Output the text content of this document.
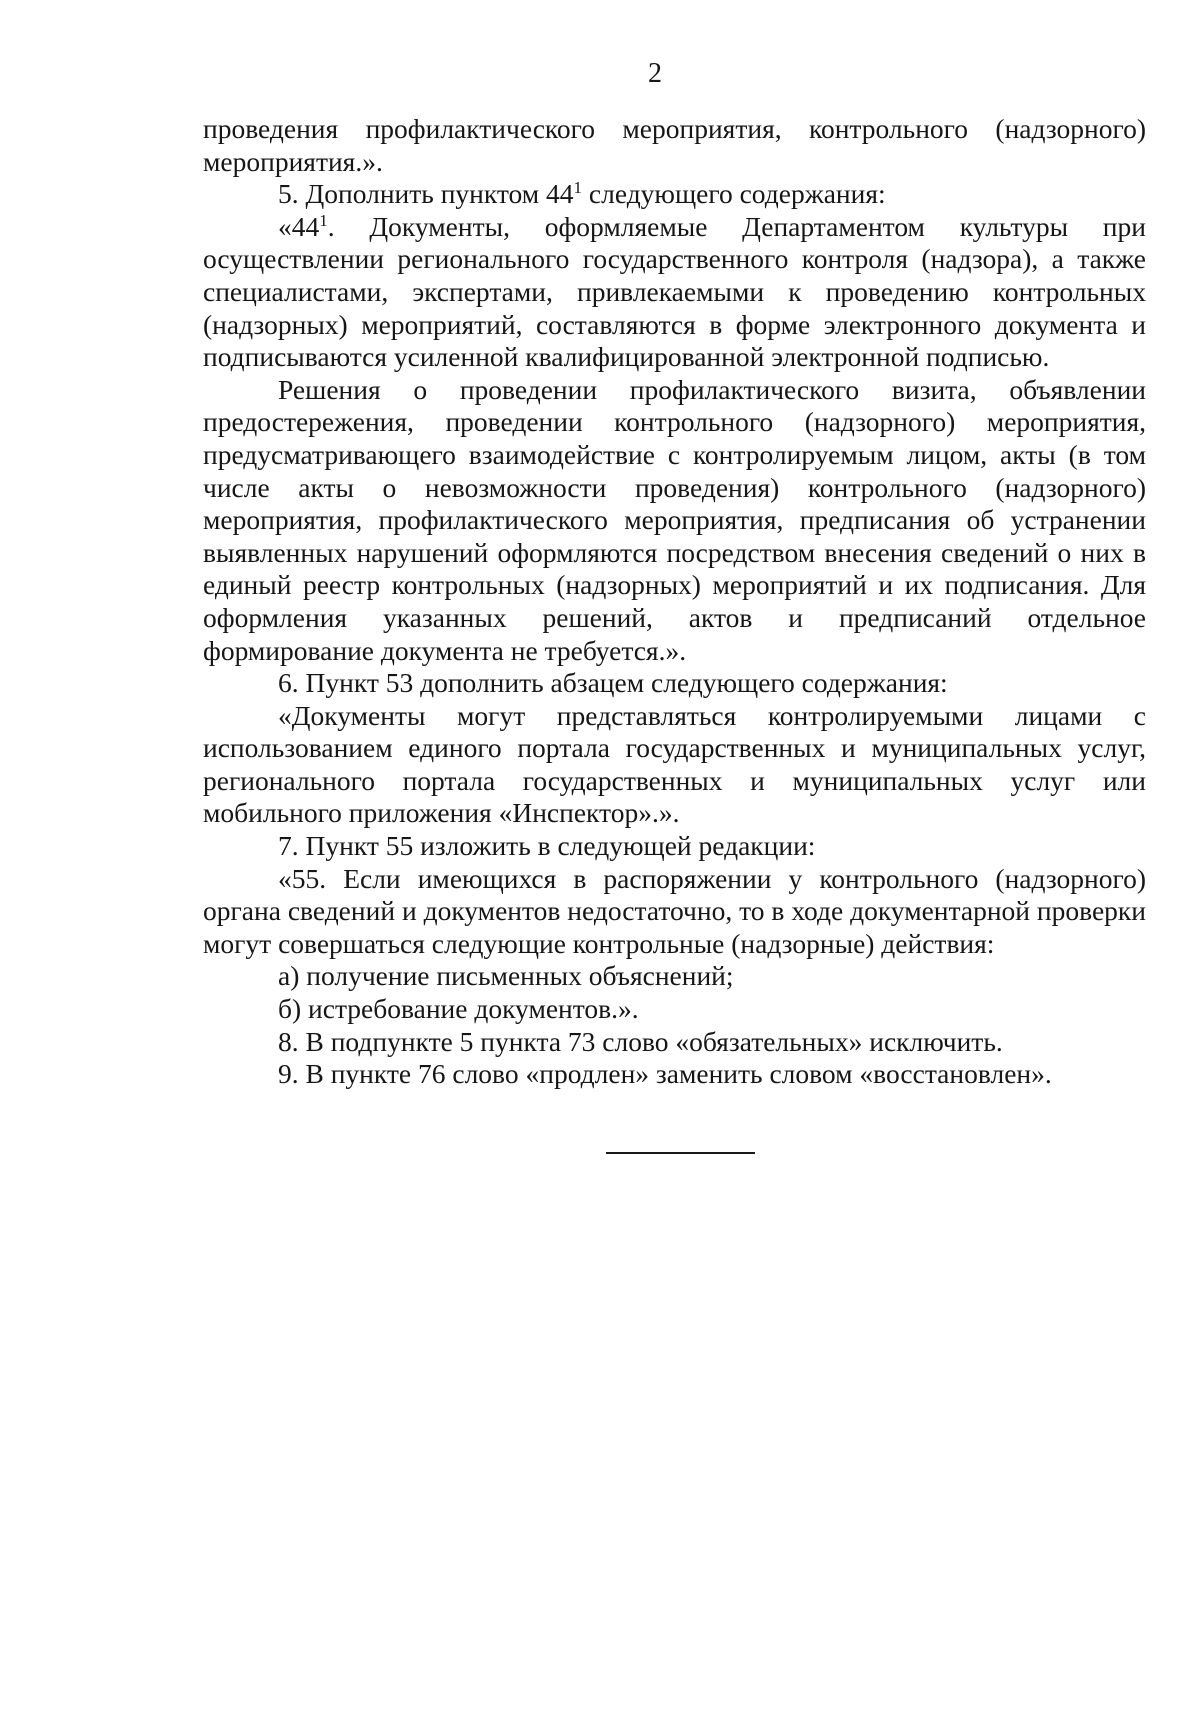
2

проведения профилактического мероприятия, контрольного (надзорного) мероприятия.».

5. Дополнить пунктом $44^1$ следующего содержания:

«$44^1$. Документы, оформляемые Департаментом культуры при осуществлении регионального государственного контроля (надзора), а также специалистами, экспертами, привлекаемыми к проведению контрольных (надзорных) мероприятий, составляются в форме электронного документа и подписываются усиленной квалифицированной электронной подписью.

Решения о проведении профилактического визита, объявлении предостережения, проведении контрольного (надзорного) мероприятия, предусматривающего взаимодействие с контролируемым лицом, акты (в том числе акты о невозможности проведения) контрольного (надзорного) мероприятия, профилактического мероприятия, предписания об устранении выявленных нарушений оформляются посредством внесения сведений о них в единый реестр контрольных (надзорных) мероприятий и их подписания. Для оформления указанных решений, актов и предписаний отдельное формирование документа не требуется.».

6. Пункт 53 дополнить абзацем следующего содержания:

«Документы могут представляться контролируемыми лицами с использованием единого портала государственных и муниципальных услуг, регионального портала государственных и муниципальных услуг или мобильного приложения «Инспектор».».

7. Пункт 55 изложить в следующей редакции:

«55. Если имеющихся в распоряжении у контрольного (надзорного) органа сведений и документов недостаточно, то в ходе документарной проверки могут совершаться следующие контрольные (надзорные) действия:

а) получение письменных объяснений;

б) истребование документов.».

8. В подпункте 5 пункта 73 слово «обязательных» исключить.

9. В пункте 76 слово «продлен» заменить словом «восстановлен».
